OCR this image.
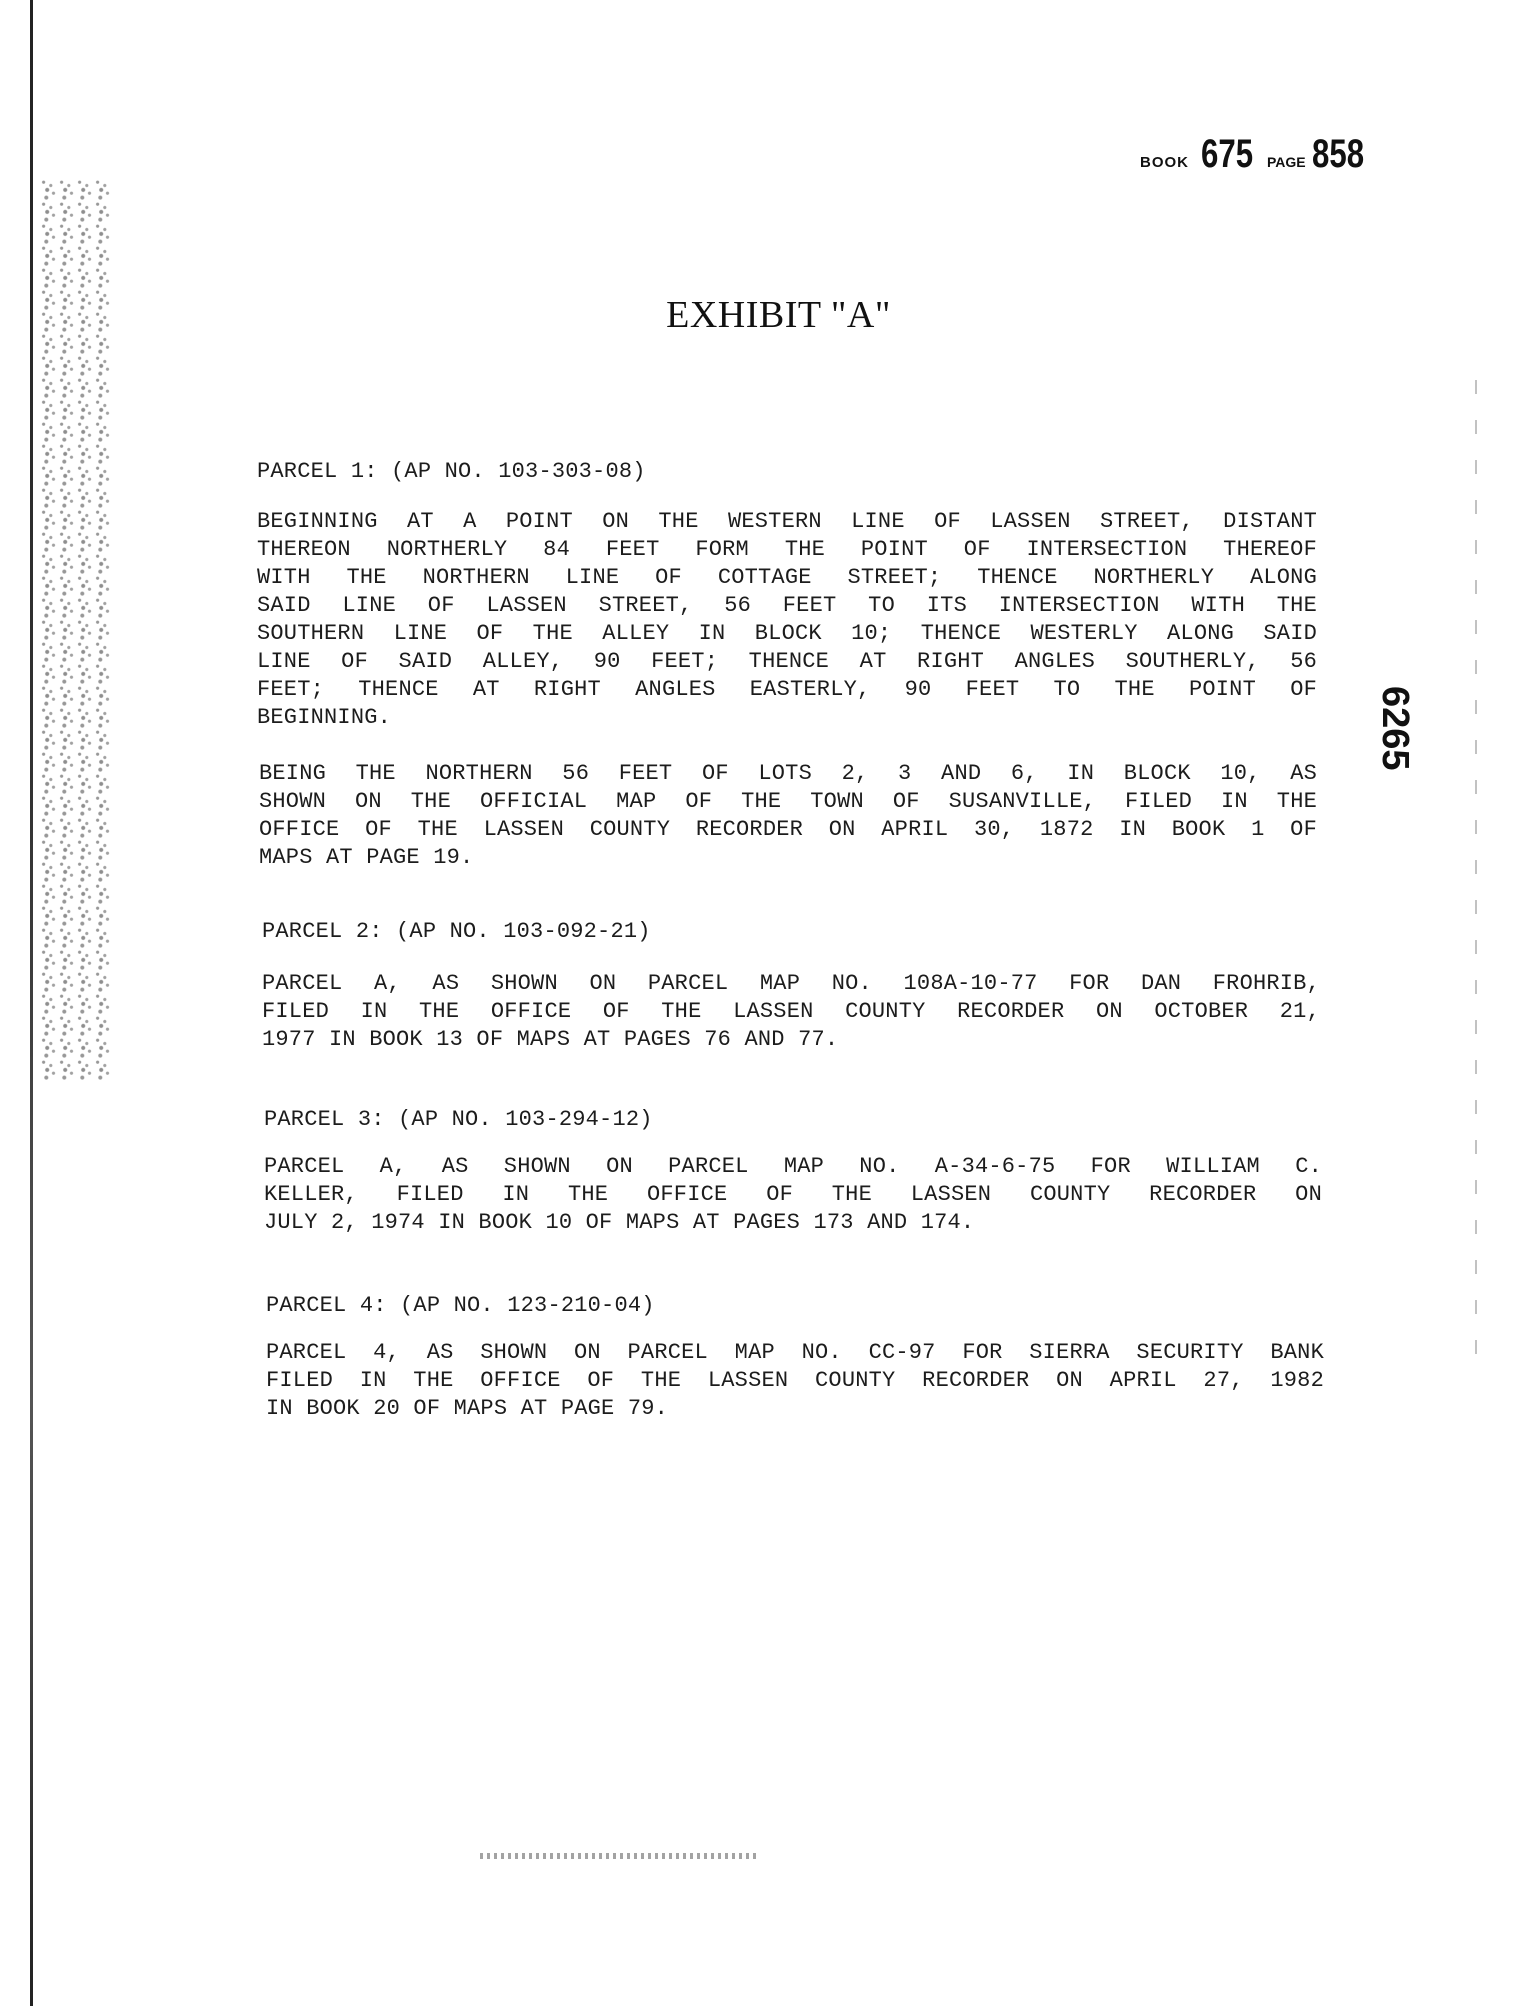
BOOK 675 PAGE 858
6265
EXHIBIT "A"

PARCEL 1: (AP NO. 103-303-08)

BEGINNING AT A POINT ON THE WESTERN LINE OF LASSEN STREET, DISTANT
THEREON NORTHERLY 84 FEET FORM THE POINT OF INTERSECTION THEREOF
WITH THE NORTHERN LINE OF COTTAGE STREET; THENCE NORTHERLY ALONG
SAID LINE OF LASSEN STREET, 56 FEET TO ITS INTERSECTION WITH THE
SOUTHERN LINE OF THE ALLEY IN BLOCK 10; THENCE WESTERLY ALONG SAID
LINE OF SAID ALLEY, 90 FEET; THENCE AT RIGHT ANGLES SOUTHERLY, 56
FEET; THENCE AT RIGHT ANGLES EASTERLY, 90 FEET TO THE POINT OF
BEGINNING.

BEING THE NORTHERN 56 FEET OF LOTS 2, 3 AND 6, IN BLOCK 10, AS
SHOWN ON THE OFFICIAL MAP OF THE TOWN OF SUSANVILLE, FILED IN THE
OFFICE OF THE LASSEN COUNTY RECORDER ON APRIL 30, 1872 IN BOOK 1 OF
MAPS AT PAGE 19.

PARCEL 2: (AP NO. 103-092-21)

PARCEL A, AS SHOWN ON PARCEL MAP NO. 108A-10-77 FOR DAN FROHRIB,
FILED IN THE OFFICE OF THE LASSEN COUNTY RECORDER ON OCTOBER 21,
1977 IN BOOK 13 OF MAPS AT PAGES 76 AND 77.

PARCEL 3: (AP NO. 103-294-12)

PARCEL A, AS SHOWN ON PARCEL MAP NO. A-34-6-75 FOR WILLIAM C.
KELLER, FILED IN THE OFFICE OF THE LASSEN COUNTY RECORDER ON
JULY 2, 1974 IN BOOK 10 OF MAPS AT PAGES 173 AND 174.

PARCEL 4: (AP NO. 123-210-04)

PARCEL 4, AS SHOWN ON PARCEL MAP NO. CC-97 FOR SIERRA SECURITY BANK
FILED IN THE OFFICE OF THE LASSEN COUNTY RECORDER ON APRIL 27, 1982
IN BOOK 20 OF MAPS AT PAGE 79.
